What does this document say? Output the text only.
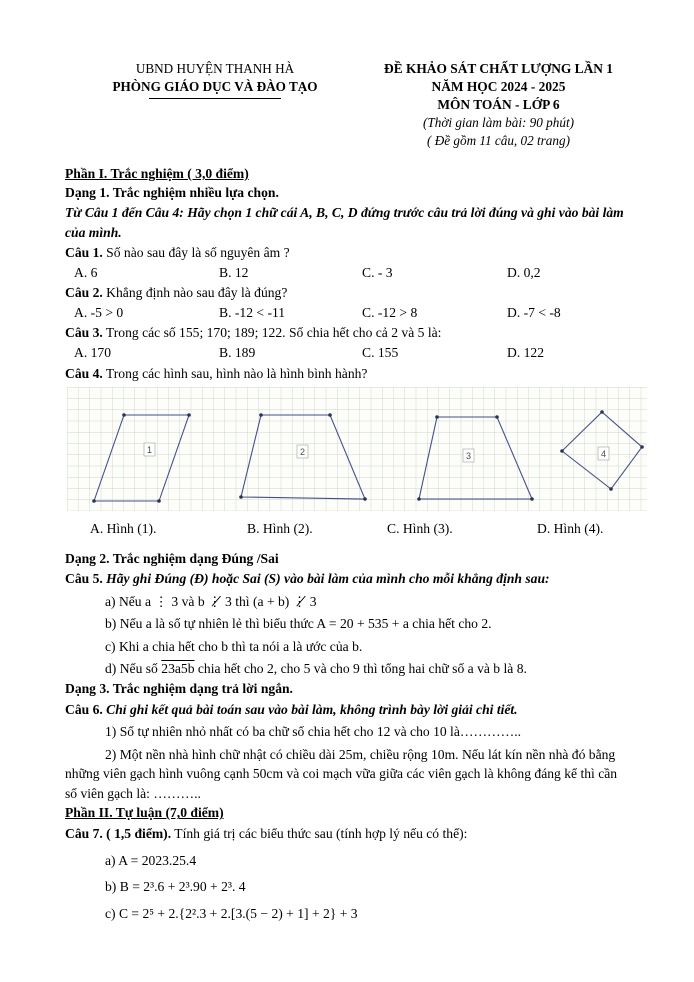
UBND HUYỆN THANH HÀ
PHÒNG GIÁO DỤC VÀ ĐÀO TẠO
ĐỀ KHẢO SÁT CHẤT LƯỢNG LẦN 1
NĂM HỌC 2024 - 2025
MÔN TOÁN - LỚP 6
(Thời gian làm bài: 90 phút)
( Đề gồm 11 câu, 02 trang)

Phần I. Trắc nghiệm ( 3,0 điểm)

Dạng 1. Trắc nghiệm nhiều lựa chọn.

Từ Câu 1 đến Câu 4: Hãy chọn 1 chữ cái A, B, C, D đứng trước câu trả lời đúng và ghi vào bài làm của mình.

Câu 1. Số nào sau đây là số nguyên âm ?

A. 6	B. 12	C. - 3	D. 0,2

Câu 2. Khẳng định nào sau đây là đúng?

A. -5 > 0	B. -12 < -11	C. -12 > 8	D. -7 < -8

Câu 3. Trong các số 155; 170; 189; 122. Số chia hết cho cả 2 và 5 là:

A. 170	B. 189	C. 155	D. 122

Câu 4. Trong các hình sau, hình nào là hình bình hành?

1	2	3	4
A. Hình (1).	B. Hình (2).	C. Hình (3).	D. Hình (4).

Dạng 2. Trắc nghiệm dạng Đúng /Sai

Câu 5. Hãy ghi Đúng (Đ) hoặc Sai (S) vào bài làm của mình cho mỗi khẳng định sau:

a) Nếu a ⋮ 3 và b ⋮̸ 3 thì (a + b) ⋮̸ 3

b) Nếu a là số tự nhiên lẻ thì biểu thức A = 20 + 535 + a chia hết cho 2.

c) Khi a chia hết cho b thì ta nói a là ước của b.

d) Nếu số 23a5b chia hết cho 2, cho 5 và cho 9 thì tổng hai chữ số a và b là 8.

Dạng 3. Trắc nghiệm dạng trả lời ngắn.

Câu 6. Chỉ ghi kết quả bài toán sau vào bài làm, không trình bày lời giải chi tiết.

1) Số tự nhiên nhỏ nhất có ba chữ số chia hết cho 12 và cho 10 là…………..

2) Một nền nhà hình chữ nhật có chiều dài 25m, chiều rộng 10m. Nếu lát kín nền nhà đó bằng những viên gạch hình vuông cạnh 50cm và coi mạch vữa giữa các viên gạch là không đáng kể thì cần số viên gạch là: ………..

Phần II. Tự luận (7,0 điểm)

Câu 7. ( 1,5 điểm). Tính giá trị các biểu thức sau (tính hợp lý nếu có thể):

a) A = 2023.25.4

b) B = 2³.6 + 2³.90 + 2³. 4

c) C = 2⁵ + 2.{2².3 + 2.[3.(5 − 2) + 1] + 2} + 3
